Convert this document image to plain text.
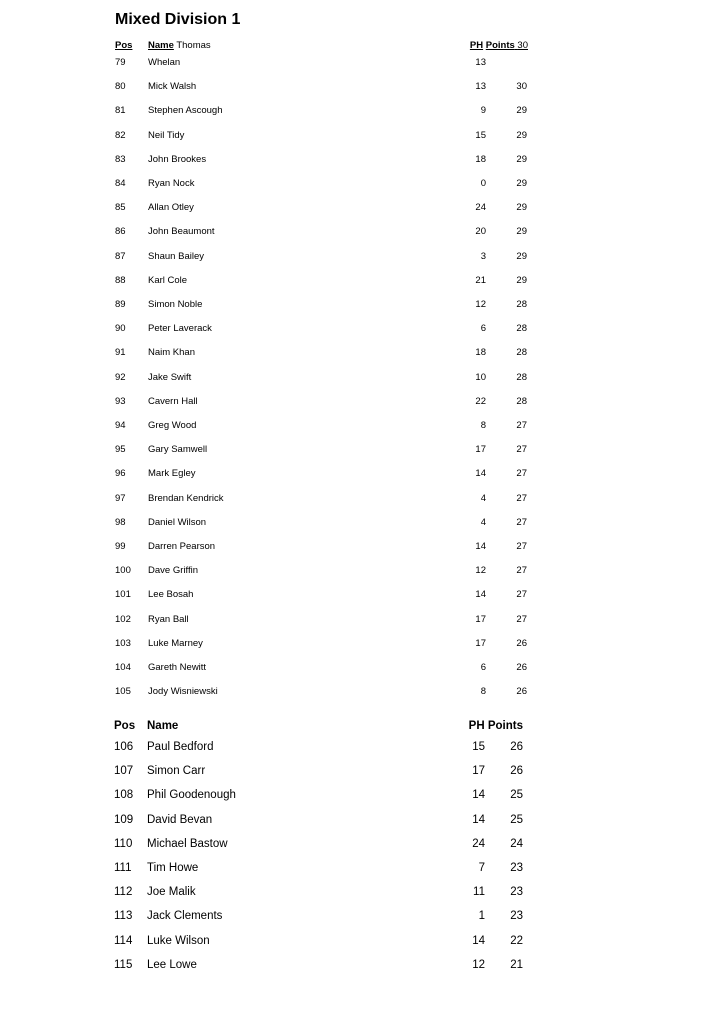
Mixed Division 1
Pos Name Thomas	PH Points 30
79 Whelan	13
80 Mick Walsh	13	30
81 Stephen Ascough	9	29
82 Neil Tidy	15	29
83 John Brookes	18	29
84 Ryan Nock	0	29
85 Allan Otley	24	29
86 John Beaumont	20	29
87 Shaun Bailey	3	29
88 Karl Cole	21	29
89 Simon Noble	12	28
90 Peter Laverack	6	28
91 Naim Khan	18	28
92 Jake Swift	10	28
93 Cavern Hall	22	28
94 Greg Wood	8	27
95 Gary Samwell	17	27
96 Mark Egley	14	27
97 Brendan Kendrick	4	27
98 Daniel Wilson	4	27
99 Darren Pearson	14	27
100 Dave Griffin	12	27
101 Lee Bosah	14	27
102 Ryan Ball	17	27
103 Luke Marney	17	26
104 Gareth Newitt	6	26
105 Jody Wisniewski	8	26
Pos Name	PH Points
106 Paul Bedford	15	26
107 Simon Carr	17	26
108 Phil Goodenough	14	25
109 David Bevan	14	25
110 Michael Bastow	24	24
111 Tim Howe	7	23
112 Joe Malik	11	23
113 Jack Clements	1	23
114 Luke Wilson	14	22
115 Lee Lowe	12	21
